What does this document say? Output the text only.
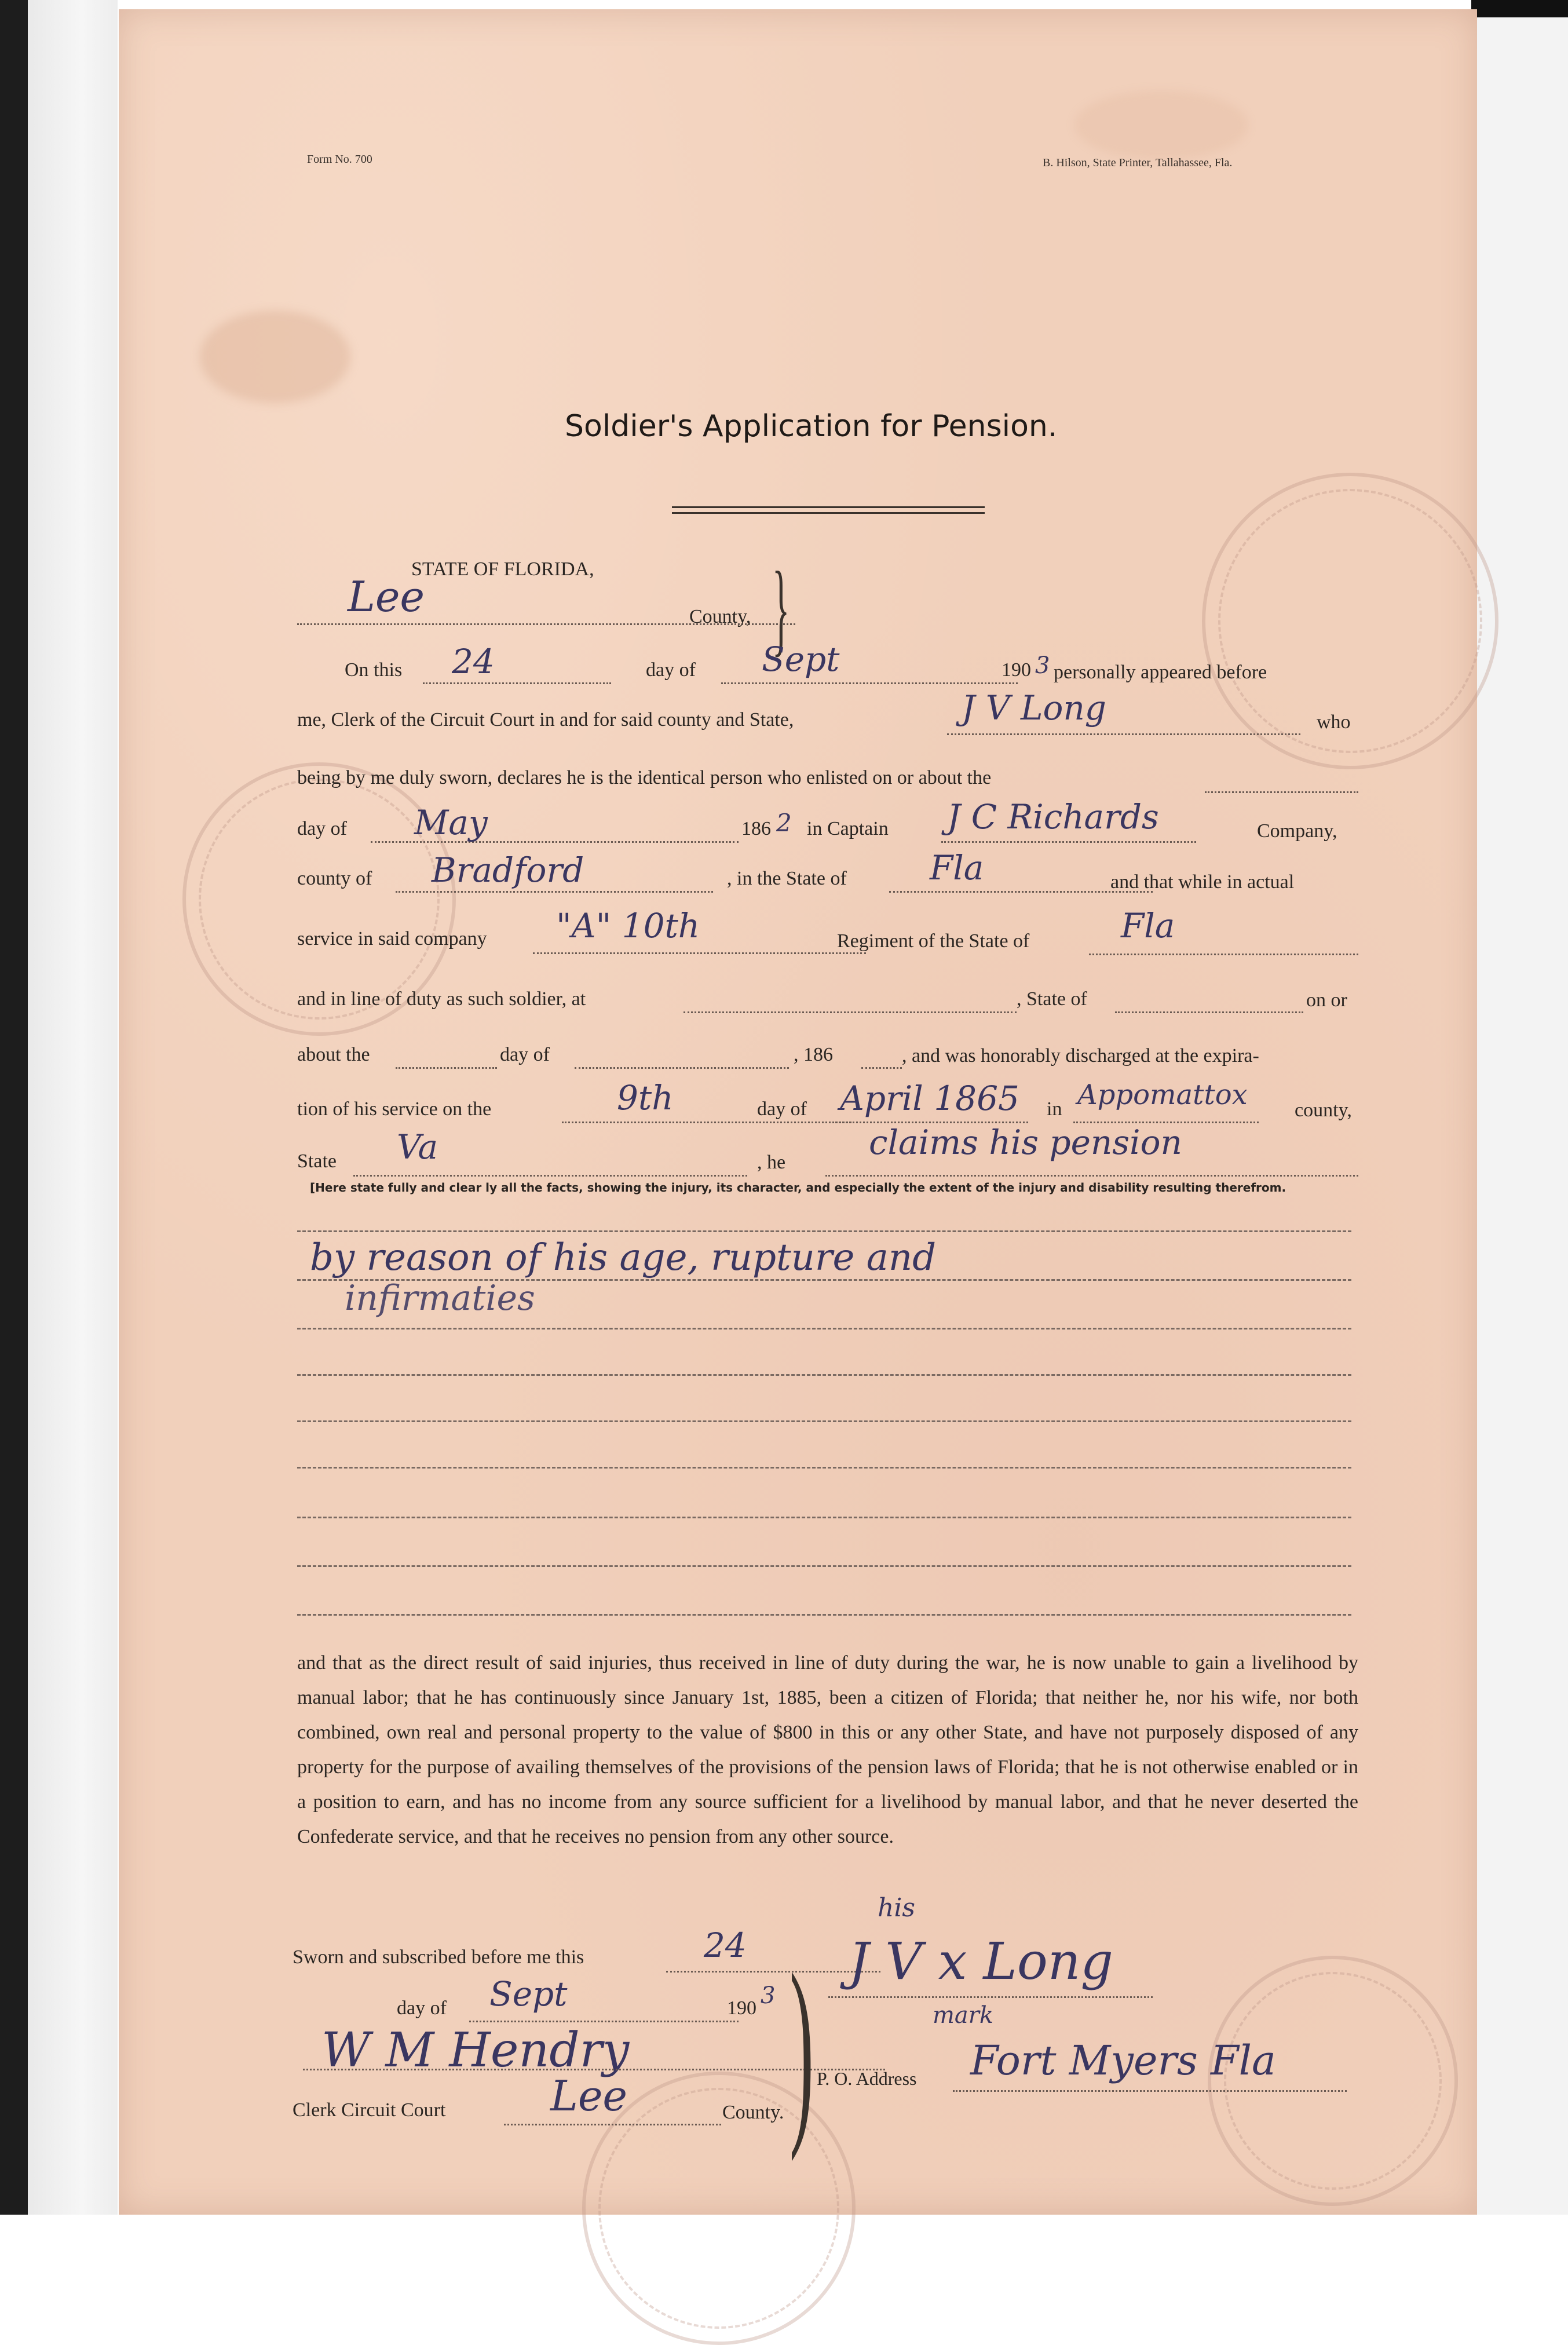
Form No. 700	B. Hilson, State Printer, Tallahassee, Fla.
Soldier's Application for Pension.
STATE OF FLORIDA,
Lee	County, }
On this 24	day of Sept	190 3 personally appeared before
me, Clerk of the Circuit Court in and for said county and State,	J V Long	who
being by me duly sworn, declares he is the identical person who enlisted on or about the
day of May	186 2 in Captain J C Richards	Company,
county of Bradford	, in the State of Fla	and that while in actual
service in said company "A" 10th	Regiment of the State of	Fla
and in line of duty as such soldier, at	, State of	on or
about the	day of	, 186	, and was honorably discharged at the expira-
tion of his service on the	9th	day of April 1865 in Appomattox county,
State Va	, he
claims his pension
[Here state fully and clear ly all the facts, showing the injury, its character, and especially the extent of the injury and disability resulting therefrom.
by reason of his age, rupture and
infirmaties
and that as the direct result of said injuries, thus received in line of duty during the war, he is now unable to gain a livelihood by manual labor; that he has continuously since January 1st, 1885, been a citizen of Florida; that neither he, nor his wife, nor both combined, own real and personal property to the value of $800 in this or any other State, and have not purposely disposed of any property for the purpose of availing themselves of the provisions of the pension laws of Florida; that he is not otherwise enabled or in a position to earn, and has no income from any source sufficient for a livelihood by manual labor, and that he never deserted the Confederate service, and that he receives no pension from any other source.
Sworn and subscribed before me this	24
day of Sept	190 3
W M Hendry
Clerk Circuit Court	Lee	County. )
his
J V x Long
mark
P. O. Address Fort Myers Fla
